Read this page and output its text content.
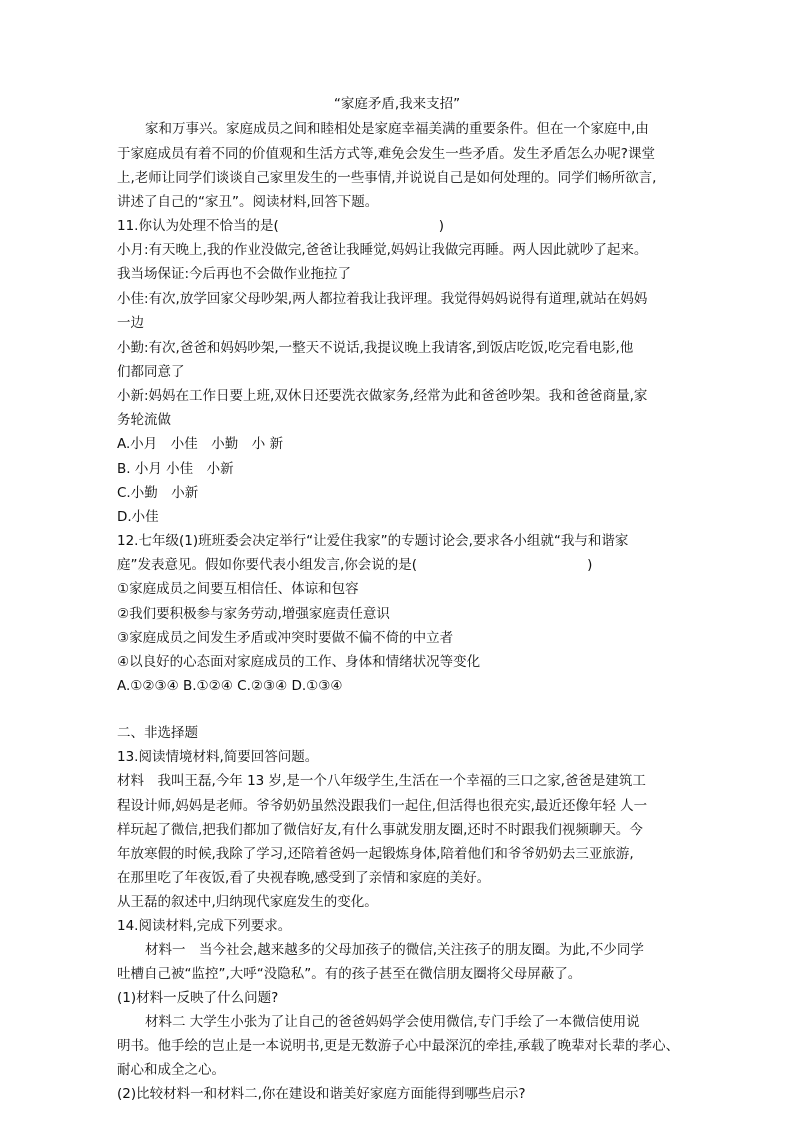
“家庭矛盾,我来支招”

家和万事兴。家庭成员之间和睦相处是家庭幸福美满的重要条件。但在一个家庭中,由

于家庭成员有着不同的价值观和生活方式等,难免会发生一些矛盾。发生矛盾怎么办呢?课堂

上,老师让同学们谈谈自己家里发生的一些事情,并说说自己是如何处理的。同学们畅所欲言,

讲述了自己的“家丑”。阅读材料,回答下题。

11.你认为处理不恰当的是(	)

小月:有天晚上,我的作业没做完,爸爸让我睡觉,妈妈让我做完再睡。两人因此就吵了起来。

我当场保证:今后再也不会做作业拖拉了

小佳:有次,放学回家父母吵架,两人都拉着我让我评理。我觉得妈妈说得有道理,就站在妈妈

一边

小勤:有次,爸爸和妈妈吵架,一整天不说话,我提议晚上我请客,到饭店吃饭,吃完看电影,他

们都同意了

小新:妈妈在工作日要上班,双休日还要洗衣做家务,经常为此和爸爸吵架。我和爸爸商量,家

务轮流做

A.小月　小佳　小勤　小 新

B. 小月 小佳　小新

C.小勤　小新

D.小佳

12.七年级(1)班班委会决定举行“让爱住我家”的专题讨论会,要求各小组就“我与和谐家

庭”发表意见。假如你要代表小组发言,你会说的是(	)

①家庭成员之间要互相信任、体谅和包容

②我们要积极参与家务劳动,增强家庭责任意识

③家庭成员之间发生矛盾或冲突时要做不偏不倚的中立者

④以良好的心态面对家庭成员的工作、身体和情绪状况等变化

A.①②③④ B.①②④ C.②③④ D.①③④

二、非选择题

13.阅读情境材料,简要回答问题。

材料　我叫王磊,今年 13 岁,是一个八年级学生,生活在一个幸福的三口之家,爸爸是建筑工

程设计师,妈妈是老师。爷爷奶奶虽然没跟我们一起住,但活得也很充实,最近还像年轻 人一

样玩起了微信,把我们都加了微信好友,有什么事就发朋友圈,还时不时跟我们视频聊天。今

年放寒假的时候,我除了学习,还陪着爸妈一起锻炼身体,陪着他们和爷爷奶奶去三亚旅游,

在那里吃了年夜饭,看了央视春晚,感受到了亲情和家庭的美好。

从王磊的叙述中,归纳现代家庭发生的变化。

14.阅读材料,完成下列要求。

材料一　当今社会,越来越多的父母加孩子的微信,关注孩子的朋友圈。为此,不少同学

吐槽自己被“监控”,大呼“没隐私”。有的孩子甚至在微信朋友圈将父母屏蔽了。

(1)材料一反映了什么问题?

材料二 大学生小张为了让自己的爸爸妈妈学会使用微信,专门手绘了一本微信使用说

明书。他手绘的岂止是一本说明书,更是无数游子心中最深沉的牵挂,承载了晚辈对长辈的孝心、

耐心和成全之心。

(2)比较材料一和材料二,你在建设和谐美好家庭方面能得到哪些启示?
